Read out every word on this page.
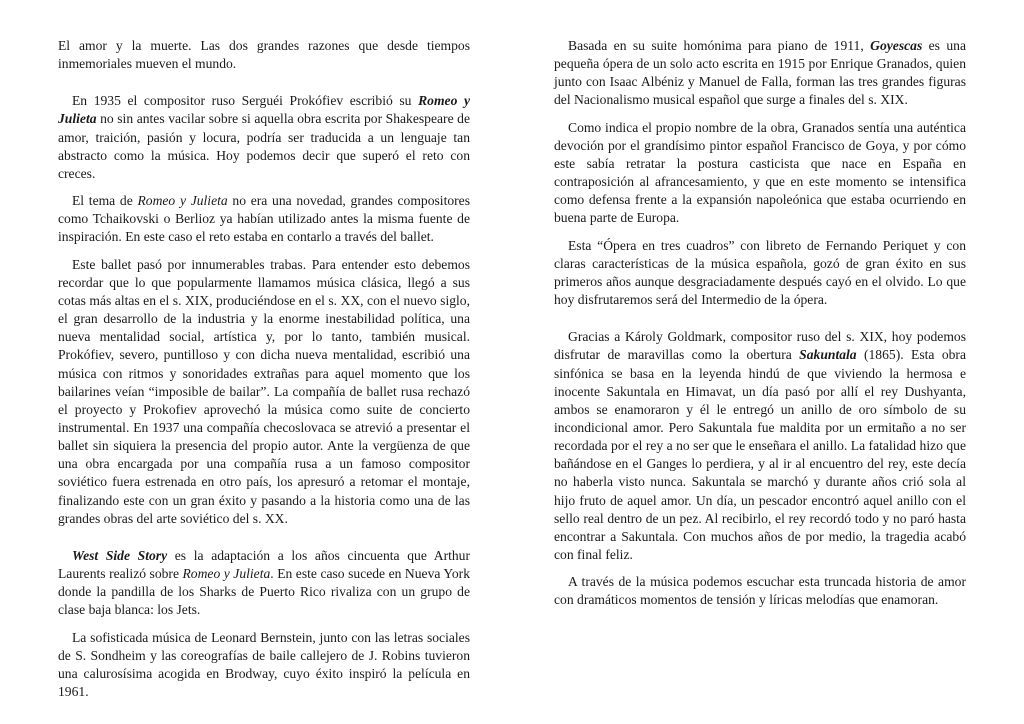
El amor y la muerte. Las dos grandes razones que desde tiempos inmemoriales mueven el mundo.

En 1935 el compositor ruso Serguéi Prokófiev escribió su Romeo y Julieta no sin antes vacilar sobre si aquella obra escrita por Shakespeare de amor, traición, pasión y locura, podría ser traducida a un lenguaje tan abstracto como la música. Hoy podemos decir que superó el reto con creces.

El tema de Romeo y Julieta no era una novedad, grandes compositores como Tchaikovski o Berlioz ya habían utilizado antes la misma fuente de inspiración. En este caso el reto estaba en contarlo a través del ballet.

Este ballet pasó por innumerables trabas. Para entender esto debemos recordar que lo que popularmente llamamos música clásica, llegó a sus cotas más altas en el s. XIX, produciéndose en el s. XX, con el nuevo siglo, el gran desarrollo de la industria y la enorme inestabilidad política, una nueva mentalidad social, artística y, por lo tanto, también musical. Prokófiev, severo, puntilloso y con dicha nueva mentalidad, escribió una música con ritmos y sonoridades extrañas para aquel momento que los bailarines veían “imposible de bailar”. La compañía de ballet rusa rechazó el proyecto y Prokofiev aprovechó la música como suite de concierto instrumental. En 1937 una compañía checoslovaca se atrevió a presentar el ballet sin siquiera la presencia del propio autor. Ante la vergüenza de que una obra encargada por una compañía rusa a un famoso compositor soviético fuera estrenada en otro país, los apresuró a retomar el montaje, finalizando este con un gran éxito y pasando a la historia como una de las grandes obras del arte soviético del s. XX.

West Side Story es la adaptación a los años cincuenta que Arthur Laurents realizó sobre Romeo y Julieta. En este caso sucede en Nueva York donde la pandilla de los Sharks de Puerto Rico rivaliza con un grupo de clase baja blanca: los Jets.

La sofisticada música de Leonard Bernstein, junto con las letras sociales de S. Sondheim y las coreografías de baile callejero de J. Robins tuvieron una calurosísima acogida en Brodway, cuyo éxito inspiró la película en 1961.

Basada en su suite homónima para piano de 1911, Goyescas es una pequeña ópera de un solo acto escrita en 1915 por Enrique Granados, quien junto con Isaac Albéniz y Manuel de Falla, forman las tres grandes figuras del Nacionalismo musical español que surge a finales del s. XIX.

Como indica el propio nombre de la obra, Granados sentía una auténtica devoción por el grandísimo pintor español Francisco de Goya, y por cómo este sabía retratar la postura casticista que nace en España en contraposición al afrancesamiento, y que en este momento se intensifica como defensa frente a la expansión napoleónica que estaba ocurriendo en buena parte de Europa.

Esta “Ópera en tres cuadros” con libreto de Fernando Periquet y con claras características de la música española, gozó de gran éxito en sus primeros años aunque desgraciadamente después cayó en el olvido. Lo que hoy disfrutaremos será del Intermedio de la ópera.

Gracias a Károly Goldmark, compositor ruso del s. XIX, hoy podemos disfrutar de maravillas como la obertura Sakuntala (1865). Esta obra sinfónica se basa en la leyenda hindú de que viviendo la hermosa e inocente Sakuntala en Himavat, un día pasó por allí el rey Dushyanta, ambos se enamoraron y él le entregó un anillo de oro símbolo de su incondicional amor. Pero Sakuntala fue maldita por un ermitaño a no ser recordada por el rey a no ser que le enseñara el anillo. La fatalidad hizo que bañándose en el Ganges lo perdiera, y al ir al encuentro del rey, este decía no haberla visto nunca. Sakuntala se marchó y durante años crió sola al hijo fruto de aquel amor. Un día, un pescador encontró aquel anillo con el sello real dentro de un pez. Al recibirlo, el rey recordó todo y no paró hasta encontrar a Sakuntala. Con muchos años de por medio, la tragedia acabó con final feliz.

A través de la música podemos escuchar esta truncada historia de amor con dramáticos momentos de tensión y líricas melodías que enamoran.
